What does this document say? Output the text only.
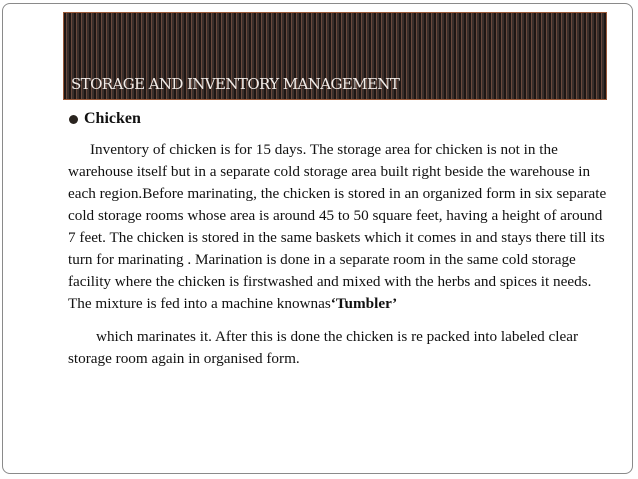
STORAGE AND INVENTORY MANAGEMENT
Chicken

Inventory of chicken is for 15 days. The storage area for chicken is not in the warehouse itself but in a separate cold storage area built right beside the warehouse in each region.Before marinating, the chicken is stored in an organized form in six separate cold storage rooms whose area is around 45 to 50 square feet, having a height of around 7 feet. The chicken is stored in the same baskets which it comes in and stays there till its turn for marinating . Marination is done in a separate room in the same cold storage facility where the chicken is firstwashed and mixed with the herbs and spices it needs. The mixture is fed into a machine knownas‘Tumbler’

which marinates it. After this is done the chicken is re packed into labeled clear storage room again in organised form.
